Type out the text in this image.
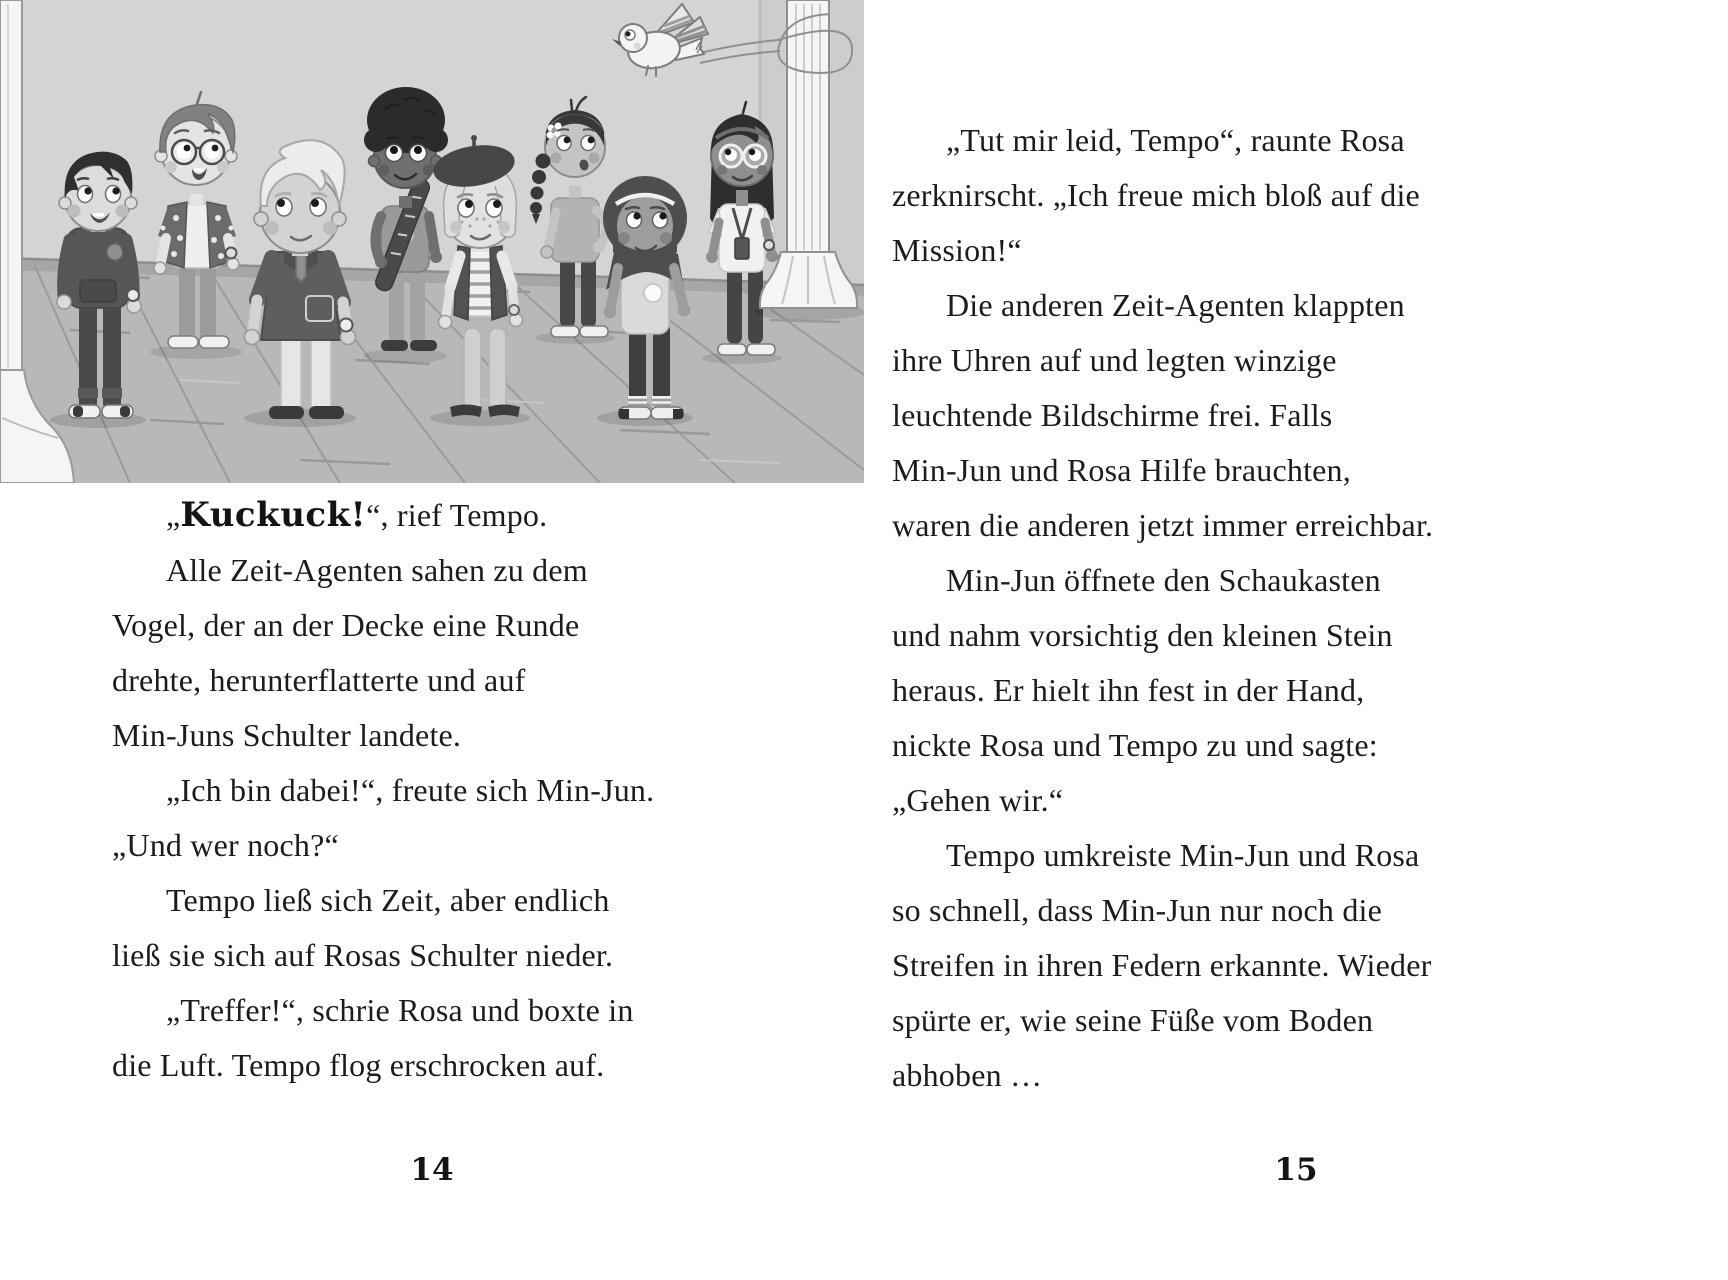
„Kuckuck!“, rief Tempo.
Alle Zeit-Agenten sahen zu dem
Vogel, der an der Decke eine Runde
drehte, herunterflatterte und auf
Min-Juns Schulter landete.
„Ich bin dabei!“, freute sich Min-Jun.
„Und wer noch?“
Tempo ließ sich Zeit, aber endlich
ließ sie sich auf Rosas Schulter nieder.
„Treffer!“, schrie Rosa und boxte in
die Luft. Tempo flog erschrocken auf.
„Tut mir leid, Tempo“, raunte Rosa
zerknirscht. „Ich freue mich bloß auf die
Mission!“
Die anderen Zeit-Agenten klappten
ihre Uhren auf und legten winzige
leuchtende Bildschirme frei. Falls
Min-Jun und Rosa Hilfe brauchten,
waren die anderen jetzt immer erreichbar.
Min-Jun öffnete den Schaukasten
und nahm vorsichtig den kleinen Stein
heraus. Er hielt ihn fest in der Hand,
nickte Rosa und Tempo zu und sagte:
„Gehen wir.“
Tempo umkreiste Min-Jun und Rosa
so schnell, dass Min-Jun nur noch die
Streifen in ihren Federn erkannte. Wieder
spürte er, wie seine Füße vom Boden
abhoben …
14	15
